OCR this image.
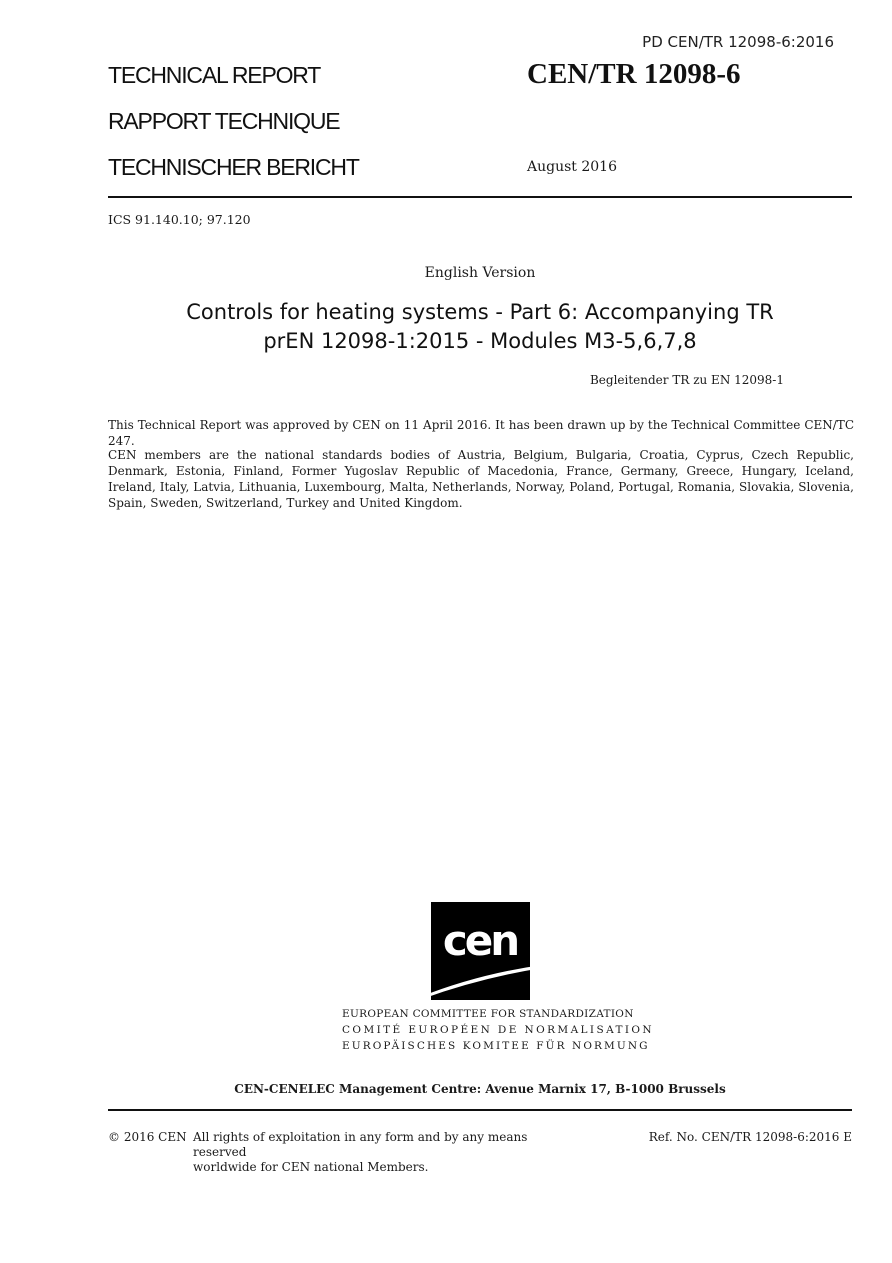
PD CEN/TR 12098-6:2016
TECHNICAL REPORT
RAPPORT TECHNIQUE
TECHNISCHER BERICHT
CEN/TR 12098-6
August 2016
ICS 91.140.10; 97.120
English Version
Controls for heating systems - Part 6: Accompanying TR
prEN 12098-1:2015 - Modules M3-5,6,7,8
Begleitender TR zu EN 12098-1
This Technical Report was approved by CEN on 11 April 2016. It has been drawn up by the Technical Committee CEN/TC 247.
CEN members are the national standards bodies of Austria, Belgium, Bulgaria, Croatia, Cyprus, Czech Republic, Denmark, Estonia, Finland, Former Yugoslav Republic of Macedonia, France, Germany, Greece, Hungary, Iceland, Ireland, Italy, Latvia, Lithuania, Luxembourg, Malta, Netherlands, Norway, Poland, Portugal, Romania, Slovakia, Slovenia, Spain, Sweden, Switzerland, Turkey and United Kingdom.
cen
EUROPEAN COMMITTEE FOR STANDARDIZATION
COMITÉ EUROPÉEN DE NORMALISATION
EUROPÄISCHES KOMITEE FÜR NORMUNG
CEN-CENELEC Management Centre: Avenue Marnix 17, B-1000 Brussels
© 2016 CEN All rights of exploitation in any form and by any means reserved
worldwide for CEN national Members.
Ref. No. CEN/TR 12098-6:2016 E
